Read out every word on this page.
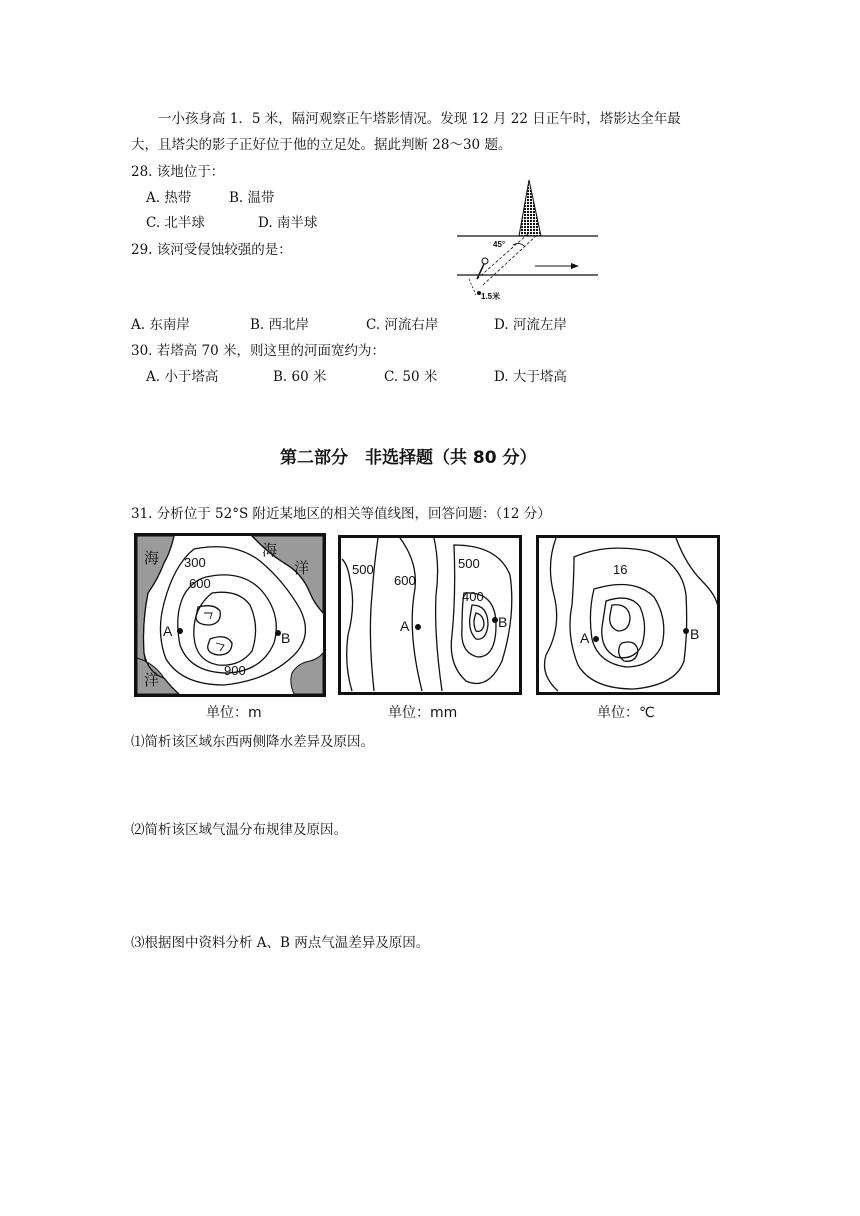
一小孩身高 1．5 米，隔河观察正午塔影情况。发现 12 月 22 日正午时，塔影达全年最
大，且塔尖的影子正好位于他的立足处。据此判断 28～30 题。
28. 该地位于：
A. 热带	B. 温带
C. 北半球	D. 南半球
29. 该河受侵蚀较强的是：	45°
1.5米
A. 东南岸	B. 西北岸	C. 河流右岸	D. 河流左岸
30. 若塔高 70 米，则这里的河面宽约为：
A. 小于塔高	B. 60 米	C. 50 米	D. 大于塔高
第二部分　非选择题（共 80 分）
31. 分析位于 52°S 附近某地区的相关等值线图，回答问题：（12 分）
海	海
洋
洋
300
600
900
A	B
500
600
500
400
A	B
16
A	B
单位：m	单位：mm	单位：℃
⑴简析该区域东西两侧降水差异及原因。
⑵简析该区域气温分布规律及原因。
⑶根据图中资料分析 A、B 两点气温差异及原因。
